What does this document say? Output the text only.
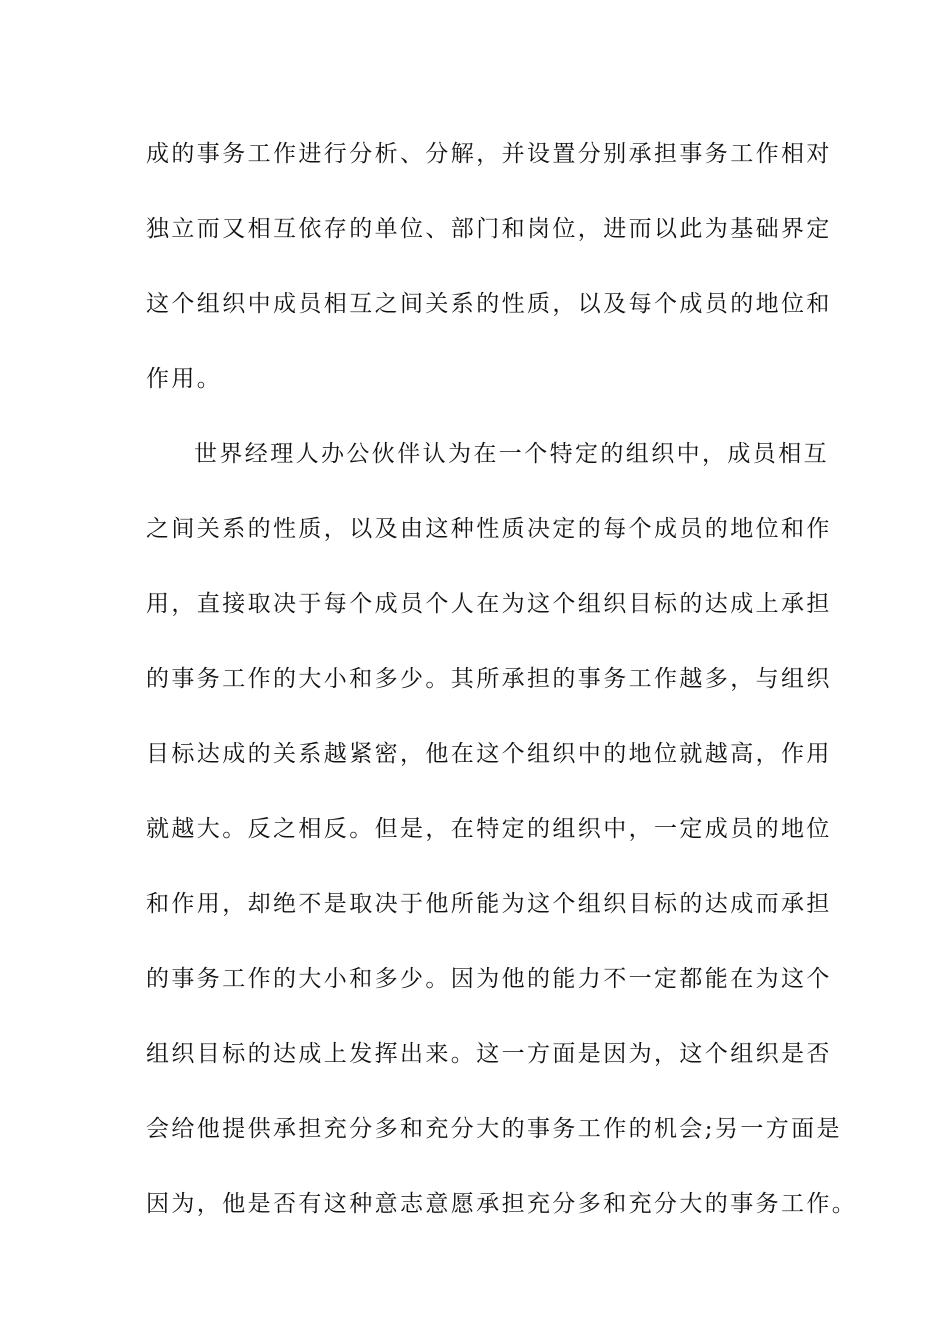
成的事务工作进行分析、分解，并设置分别承担事务工作相对
独立而又相互依存的单位、部门和岗位，进而以此为基础界定
这个组织中成员相互之间关系的性质，以及每个成员的地位和
作用。
世界经理人办公伙伴认为在一个特定的组织中，成员相互
之间关系的性质，以及由这种性质决定的每个成员的地位和作
用，直接取决于每个成员个人在为这个组织目标的达成上承担
的事务工作的大小和多少。其所承担的事务工作越多，与组织
目标达成的关系越紧密，他在这个组织中的地位就越高，作用
就越大。反之相反。但是，在特定的组织中，一定成员的地位
和作用，却绝不是取决于他所能为这个组织目标的达成而承担
的事务工作的大小和多少。因为他的能力不一定都能在为这个
组织目标的达成上发挥出来。这一方面是因为，这个组织是否
会给他提供承担充分多和充分大的事务工作的机会;另一方面是
因为，他是否有这种意志意愿承担充分多和充分大的事务工作。
